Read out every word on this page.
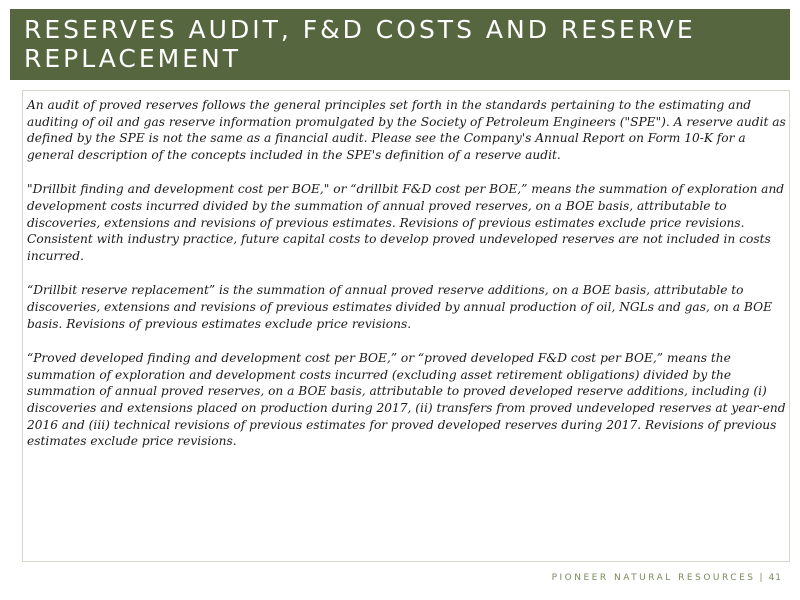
RESERVES AUDIT, F&D COSTS AND RESERVE REPLACEMENT

An audit of proved reserves follows the general principles set forth in the standards pertaining to the estimating and auditing of oil and gas reserve information promulgated by the Society of Petroleum Engineers ("SPE"). A reserve audit as defined by the SPE is not the same as a financial audit. Please see the Company's Annual Report on Form 10-K for a general description of the concepts included in the SPE's definition of a reserve audit.

"Drillbit finding and development cost per BOE," or “drillbit F&D cost per BOE,” means the summation of exploration and development costs incurred divided by the summation of annual proved reserves, on a BOE basis, attributable to discoveries, extensions and revisions of previous estimates. Revisions of previous estimates exclude price revisions. Consistent with industry practice, future capital costs to develop proved undeveloped reserves are not included in costs incurred.

“Drillbit reserve replacement” is the summation of annual proved reserve additions, on a BOE basis, attributable to discoveries, extensions and revisions of previous estimates divided by annual production of oil, NGLs and gas, on a BOE basis. Revisions of previous estimates exclude price revisions.

“Proved developed finding and development cost per BOE,” or “proved developed F&D cost per BOE,” means the summation of exploration and development costs incurred (excluding asset retirement obligations) divided by the summation of annual proved reserves, on a BOE basis, attributable to proved developed reserve additions, including (i) discoveries and extensions placed on production during 2017, (ii) transfers from proved undeveloped reserves at year-end 2016 and (iii) technical revisions of previous estimates for proved developed reserves during 2017. Revisions of previous estimates exclude price revisions.

PIONEER NATURAL RESOURCES | 41
